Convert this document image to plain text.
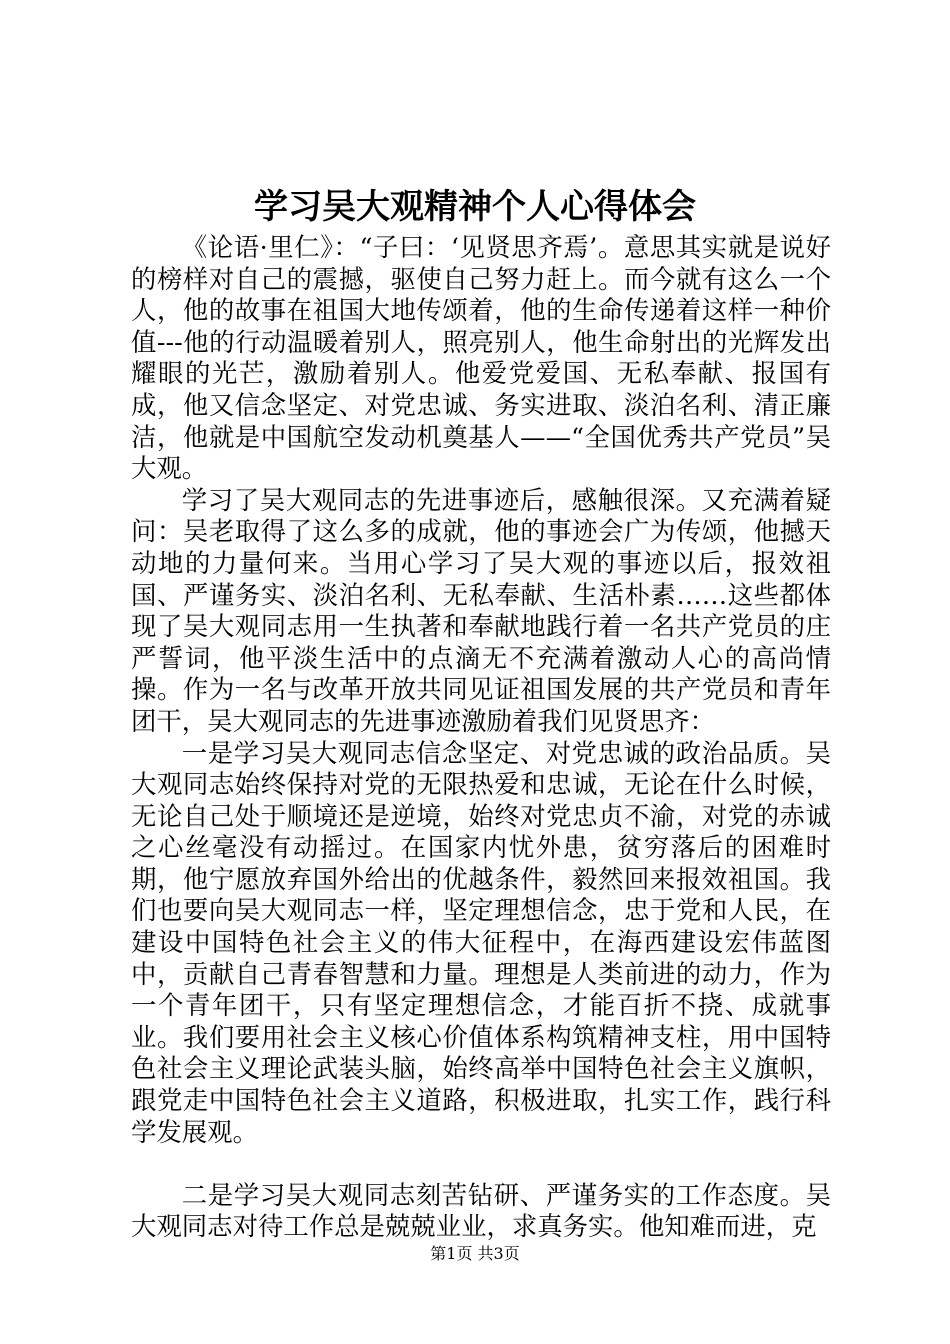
学习吴大观精神个人心得体会

《论语·里仁》：“子曰：‘见贤思齐焉’。意思其实就是说好的榜样对自己的震撼，驱使自己努力赶上。而今就有这么一个人，他的故事在祖国大地传颂着，他的生命传递着这样一种价值---他的行动温暖着别人，照亮别人，他生命射出的光辉发出耀眼的光芒，激励着别人。他爱党爱国、无私奉献、报国有成，他又信念坚定、对党忠诚、务实进取、淡泊名利、清正廉洁，他就是中国航空发动机奠基人——“全国优秀共产党员”吴大观。

学习了吴大观同志的先进事迹后，感触很深。又充满着疑问：吴老取得了这么多的成就，他的事迹会广为传颂，他撼天动地的力量何来。当用心学习了吴大观的事迹以后，报效祖国、严谨务实、淡泊名利、无私奉献、生活朴素……这些都体现了吴大观同志用一生执著和奉献地践行着一名共产党员的庄严誓词，他平淡生活中的点滴无不充满着激动人心的高尚情操。作为一名与改革开放共同见证祖国发展的共产党员和青年团干，吴大观同志的先进事迹激励着我们见贤思齐：

一是学习吴大观同志信念坚定、对党忠诚的政治品质。吴大观同志始终保持对党的无限热爱和忠诚，无论在什么时候，无论自己处于顺境还是逆境，始终对党忠贞不渝，对党的赤诚之心丝毫没有动摇过。在国家内忧外患，贫穷落后的困难时期，他宁愿放弃国外给出的优越条件，毅然回来报效祖国。我们也要向吴大观同志一样，坚定理想信念，忠于党和人民，在建设中国特色社会主义的伟大征程中，在海西建设宏伟蓝图中，贡献自己青春智慧和力量。理想是人类前进的动力，作为一个青年团干，只有坚定理想信念，才能百折不挠、成就事业。我们要用社会主义核心价值体系构筑精神支柱，用中国特色社会主义理论武装头脑，始终高举中国特色社会主义旗帜，跟党走中国特色社会主义道路，积极进取，扎实工作，践行科学发展观。

二是学习吴大观同志刻苦钻研、严谨务实的工作态度。吴大观同志对待工作总是兢兢业业，求真务实。他知难而进，克

第1页 共3页
